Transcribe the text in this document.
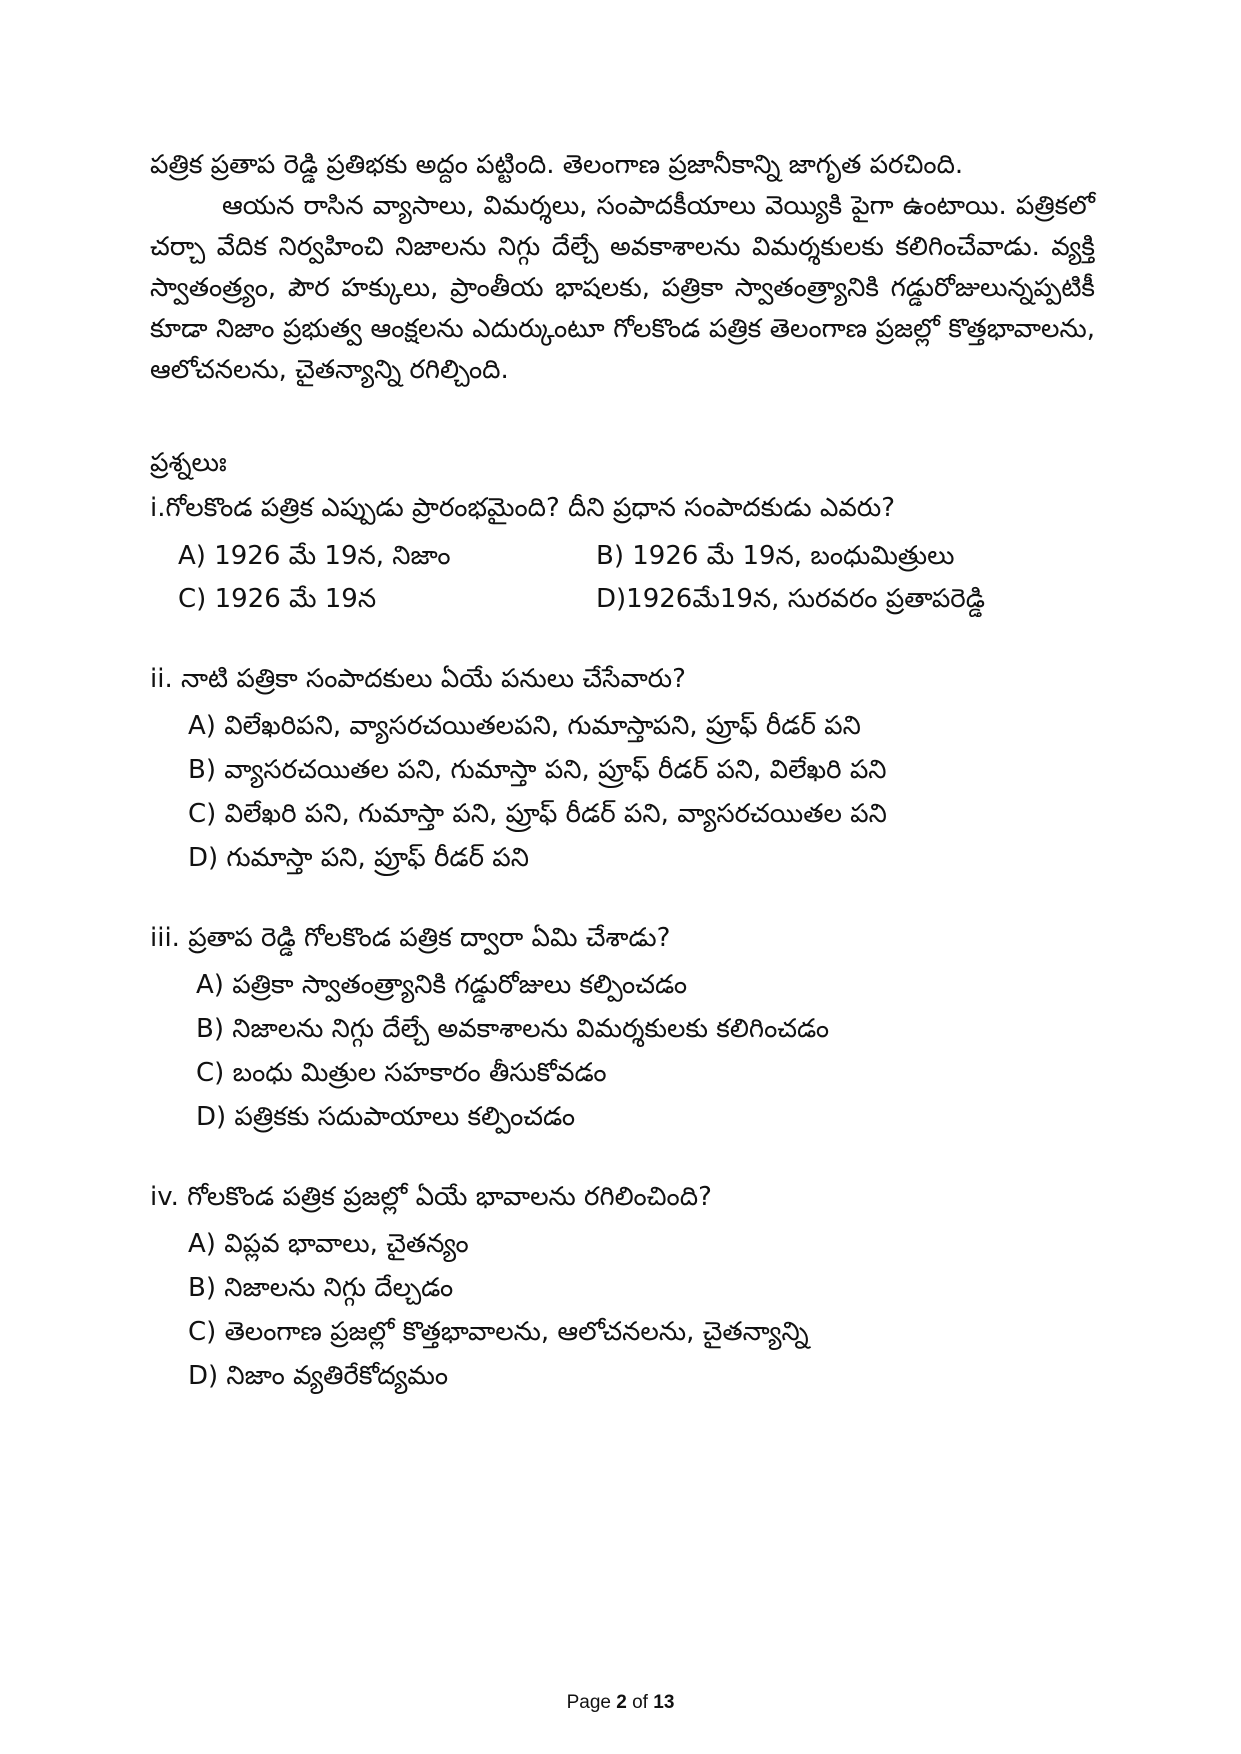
పత్రిక ప్రతాప రెడ్డి ప్రతిభకు అద్దం పట్టింది. తెలంగాణ ప్రజానీకాన్ని జాగృత పరచింది.

ఆయన రాసిన వ్యాసాలు, విమర్శలు, సంపాదకీయాలు వెయ్యికి పైగా ఉంటాయి. పత్రికలో చర్చా వేదిక నిర్వహించి నిజాలను నిగ్గు దేల్చే అవకాశాలను విమర్శకులకు కలిగించేవాడు. వ్యక్తి స్వాతంత్ర్యం, పౌర హక్కులు, ప్రాంతీయ భాషలకు, పత్రికా స్వాతంత్ర్యానికి గడ్డురోజులున్నప్పటికీ కూడా నిజాం ప్రభుత్వ ఆంక్షలను ఎదుర్కుంటూ గోలకొండ పత్రిక తెలంగాణ ప్రజల్లో కొత్తభావాలను, ఆలోచనలను, చైతన్యాన్ని రగిల్చింది.

ప్రశ్నలుః

i.గోలకొండ పత్రిక ఎప్పుడు ప్రారంభమైంది? దీని ప్రధాన సంపాదకుడు ఎవరు?

A) 1926 మే 19న, నిజాం	B) 1926 మే 19న, బంధుమిత్రులు
C) 1926 మే 19న	D)1926మే19న, సురవరం ప్రతాపరెడ్డి

ii. నాటి పత్రికా సంపాదకులు ఏయే పనులు చేసేవారు?

A) విలేఖరిపని, వ్యాసరచయితలపని, గుమాస్తాపని, ప్రూఫ్ రీడర్ పని
B) వ్యాసరచయితల పని, గుమాస్తా పని, ప్రూఫ్ రీడర్ పని, విలేఖరి పని
C) విలేఖరి పని, గుమాస్తా పని, ప్రూఫ్ రీడర్ పని, వ్యాసరచయితల పని
D) గుమాస్తా పని, ప్రూఫ్ రీడర్ పని

iii. ప్రతాప రెడ్డి గోలకొండ పత్రిక ద్వారా ఏమి చేశాడు?

A) పత్రికా స్వాతంత్ర్యానికి గడ్డురోజులు కల్పించడం
B) నిజాలను నిగ్గు దేల్చే అవకాశాలను విమర్శకులకు కలిగించడం
C) బంధు మిత్రుల సహకారం తీసుకోవడం
D) పత్రికకు సదుపాయాలు కల్పించడం

iv. గోలకొండ పత్రిక ప్రజల్లో ఏయే భావాలను రగిలించింది?

A) విప్లవ భావాలు, చైతన్యం
B) నిజాలను నిగ్గు దేల్చడం
C) తెలంగాణ ప్రజల్లో కొత్తభావాలను, ఆలోచనలను, చైతన్యాన్ని
D) నిజాం వ్యతిరేకోద్యమం
Page 2 of 13
